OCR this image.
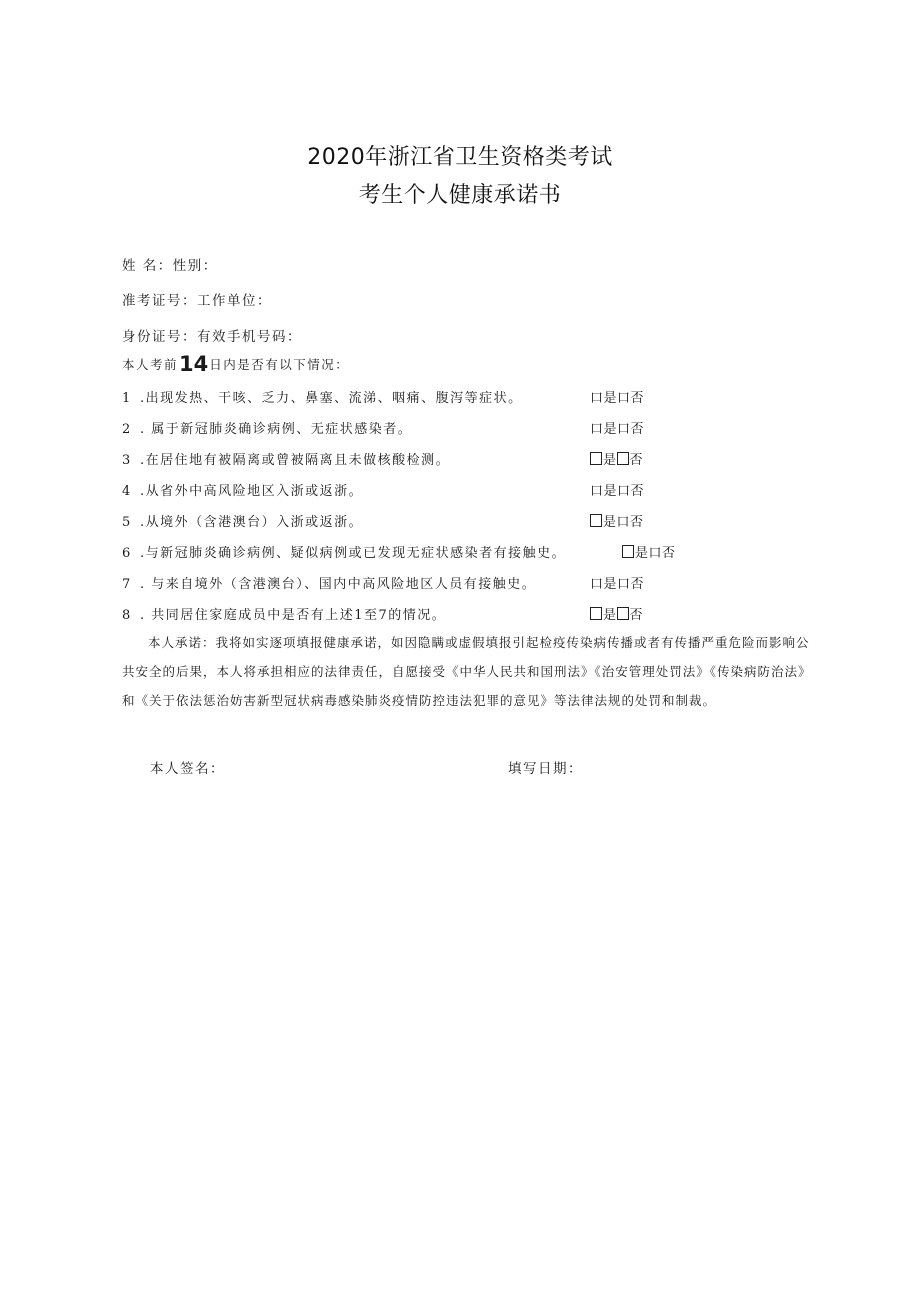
2020年浙江省卫生资格类考试
考生个人健康承诺书
姓 名：性别：
准考证号：工作单位：
身份证号：有效手机号码：
本人考前14日内是否有以下情况：
1 .出现发热、干咳、乏力、鼻塞、流涕、咽痛、腹泻等症状。	口是口否
2 . 属于新冠肺炎确诊病例、无症状感染者。	口是口否
3 .在居住地有被隔离或曾被隔离且未做核酸检测。	是 否
4 .从省外中高风险地区入浙或返浙。	口是口否
5 .从境外（含港澳台）入浙或返浙。	是口否
6 .与新冠肺炎确诊病例、疑似病例或已发现无症状感染者有接触史。	是口否
7 . 与来自境外（含港澳台）、国内中高风险地区人员有接触史。	口是口否
8 . 共同居住家庭成员中是否有上述1至7的情况。	是 否
本人承诺：我将如实逐项填报健康承诺，如因隐瞒或虚假填报引起检疫传染病传播或者有传播严重危险而影响公共安全的后果，本人将承担相应的法律责任，自愿接受《中华人民共和国刑法》《治安管理处罚法》《传染病防治法》和《关于依法惩治妨害新型冠状病毒感染肺炎疫情防控违法犯罪的意见》等法律法规的处罚和制裁。
本人签名：	填写日期：
